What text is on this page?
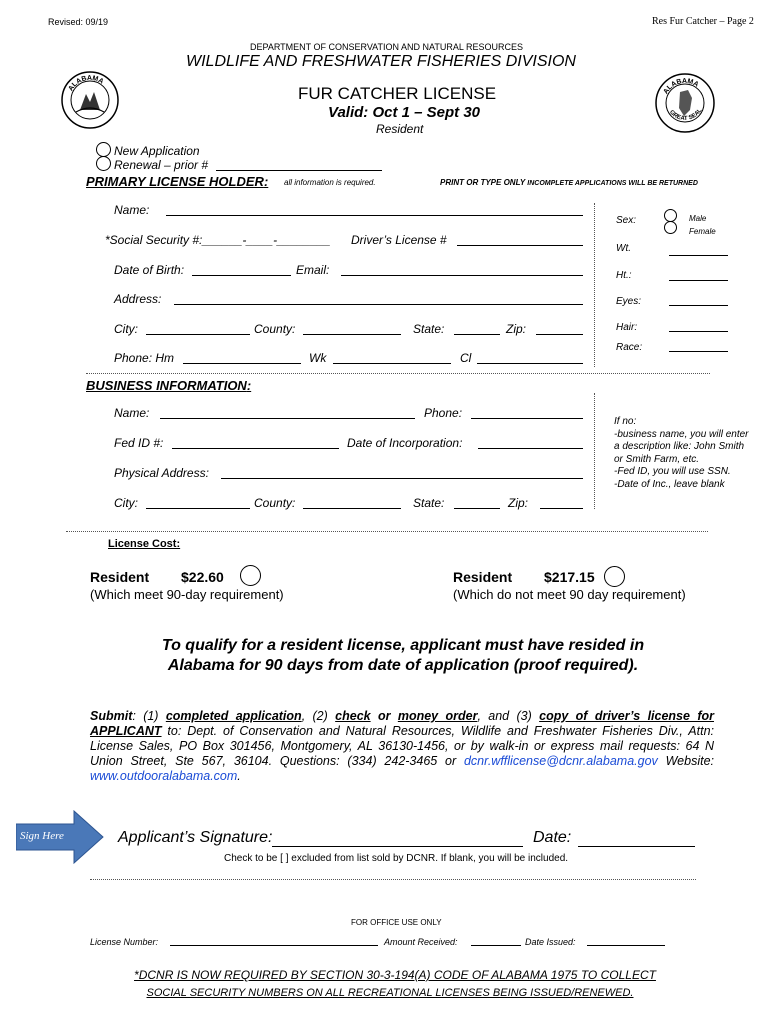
Revised: 09/19	Res Fur Catcher – Page 2
DEPARTMENT OF CONSERVATION AND NATURAL RESOURCES
WILDLIFE AND FRESHWATER FISHERIES DIVISION
FUR CATCHER LICENSE
Valid: Oct 1 – Sept 30
Resident
ALABAMA
ALABAMA
GREAT SEAL
New Application
Renewal – prior #
PRIMARY LICENSE HOLDER: all information is required.	PRINT OR TYPE ONLY INCOMPLETE APPLICATIONS WILL BE RETURNED
Name:
*Social Security #:______-____-________ Driver’s License #
Date of Birth:	Email:
Address:
City:	County:	State:	Zip:
Phone: Hm	Wk	Cl
Sex:	Male
Female
Wt.
Ht.:
Eyes:
Hair:
Race:
BUSINESS INFORMATION:
Name:	Phone:
Fed ID #:	Date of Incorporation:
Physical Address:
City:	County:	State:	Zip:
If no:
-business name, you will enter
a description like: John Smith
or Smith Farm, etc.
-Fed ID, you will use SSN.
-Date of Inc., leave blank
License Cost:
Resident $22.60
(Which meet 90-day requirement)
Resident $217.15
(Which do not meet 90 day requirement)
To qualify for a resident license, applicant must have resided in
Alabama for 90 days from date of application (proof required).
Submit: (1) completed application, (2) check or money order, and (3) copy of driver’s license for APPLICANT to: Dept. of Conservation and Natural Resources, Wildlife and Freshwater Fisheries Div., Attn: License Sales, PO Box 301456, Montgomery, AL 36130-1456, or by walk-in or express mail requests: 64 N Union Street, Ste 567, 36104. Questions: (334) 242-3465 or dcnr.wfflicense@dcnr.alabama.gov Website: www.outdooralabama.com.
Sign Here	Applicant’s Signature:	Date:
Check to be [ ] excluded from list sold by DCNR. If blank, you will be included.
FOR OFFICE USE ONLY
License Number:	Amount Received:	Date Issued:
*DCNR IS NOW REQUIRED BY SECTION 30-3-194(A) CODE OF ALABAMA 1975 TO COLLECT
SOCIAL SECURITY NUMBERS ON ALL RECREATIONAL LICENSES BEING ISSUED/RENEWED.
